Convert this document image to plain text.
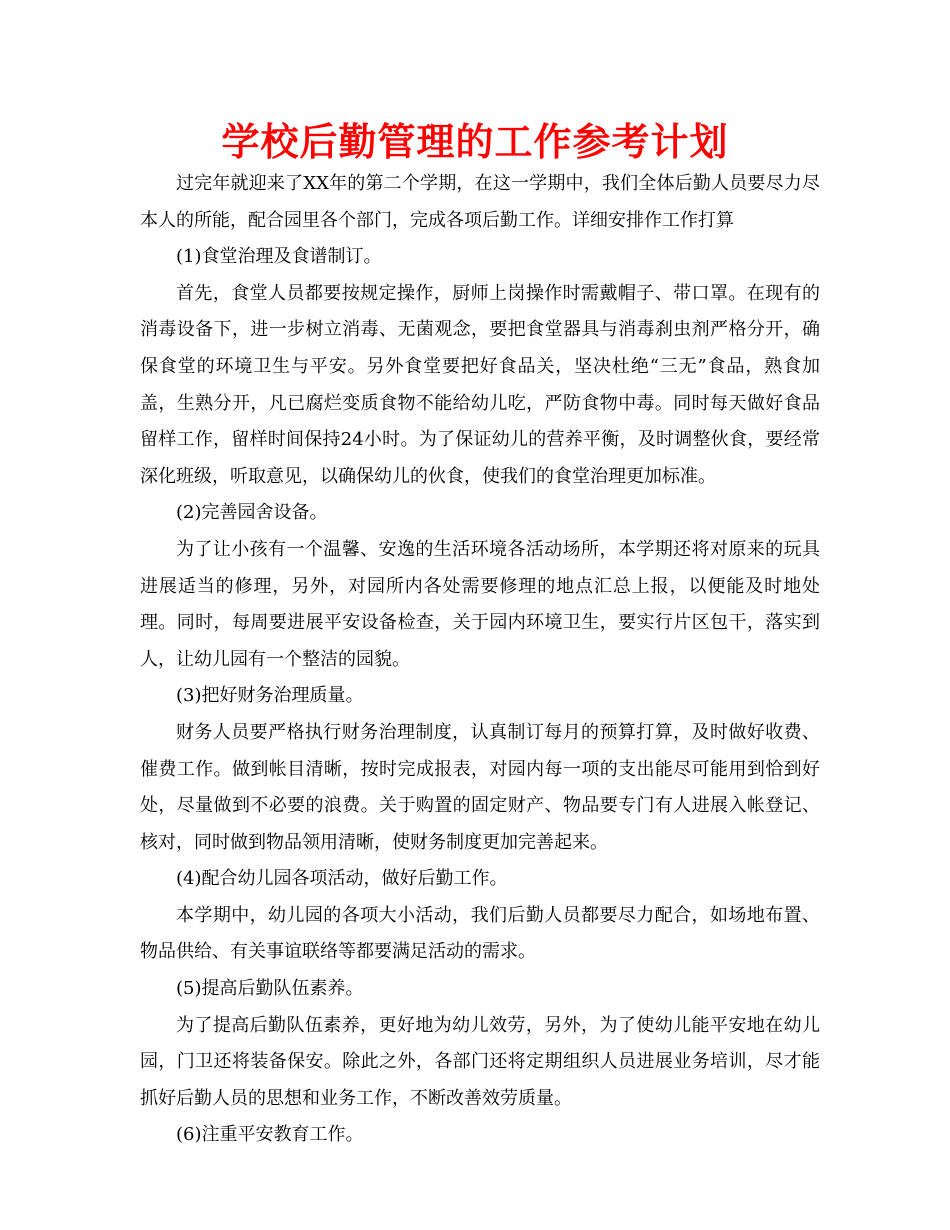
学校后勤管理的工作参考计划

过完年就迎来了XX年的第二个学期，在这一学期中，我们全体后勤人员要尽力尽本人的所能，配合园里各个部门，完成各项后勤工作。详细安排作工作打算

(1)食堂治理及食谱制订。

首先，食堂人员都要按规定操作，厨师上岗操作时需戴帽子、带口罩。在现有的消毒设备下，进一步树立消毒、无菌观念，要把食堂器具与消毒刹虫剂严格分开，确保食堂的环境卫生与平安。另外食堂要把好食品关，坚决杜绝“三无”食品，熟食加盖，生熟分开，凡已腐烂变质食物不能给幼儿吃，严防食物中毒。同时每天做好食品留样工作，留样时间保持24小时。为了保证幼儿的营养平衡，及时调整伙食，要经常深化班级，听取意见，以确保幼儿的伙食，使我们的食堂治理更加标准。

(2)完善园舍设备。

为了让小孩有一个温馨、安逸的生活环境各活动场所，本学期还将对原来的玩具进展适当的修理，另外，对园所内各处需要修理的地点汇总上报，以便能及时地处理。同时，每周要进展平安设备检查，关于园内环境卫生，要实行片区包干，落实到人，让幼儿园有一个整洁的园貌。

(3)把好财务治理质量。

财务人员要严格执行财务治理制度，认真制订每月的预算打算，及时做好收费、催费工作。做到帐目清晰，按时完成报表，对园内每一项的支出能尽可能用到恰到好处，尽量做到不必要的浪费。关于购置的固定财产、物品要专门有人进展入帐登记、核对，同时做到物品领用清晰，使财务制度更加完善起来。

(4)配合幼儿园各项活动，做好后勤工作。

本学期中，幼儿园的各项大小活动，我们后勤人员都要尽力配合，如场地布置、物品供给、有关事谊联络等都要满足活动的需求。

(5)提高后勤队伍素养。

为了提高后勤队伍素养，更好地为幼儿效劳，另外，为了使幼儿能平安地在幼儿园，门卫还将装备保安。除此之外，各部门还将定期组织人员进展业务培训，尽才能抓好后勤人员的思想和业务工作，不断改善效劳质量。

(6)注重平安教育工作。
